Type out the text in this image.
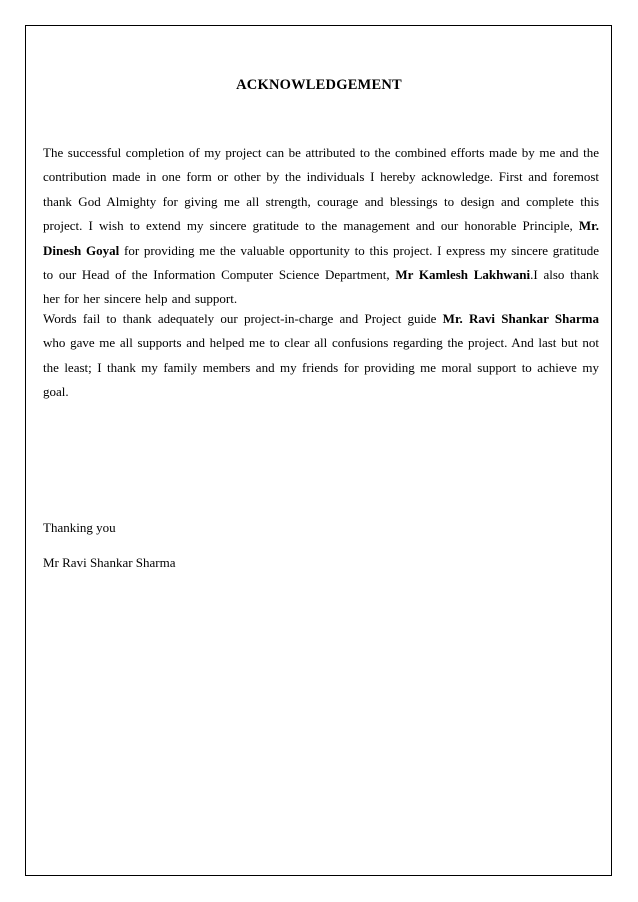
ACKNOWLEDGEMENT

The successful completion of my project can be attributed to the combined efforts made by me and the contribution made in one form or other by the individuals I hereby acknowledge. First and foremost thank God Almighty for giving me all strength, courage and blessings to design and complete this project. I wish to extend my sincere gratitude to the management and our honorable Principle, Mr. Dinesh Goyal for providing me the valuable opportunity to this project. I express my sincere gratitude to our Head of the Information Computer Science Department, Mr Kamlesh Lakhwani.I also thank her for her sincere help and support.

Words fail to thank adequately our project-in-charge and Project guide Mr. Ravi Shankar Sharma who gave me all supports and helped me to clear all confusions regarding the project. And last but not the least; I thank my family members and my friends for providing me moral support to achieve my goal.

Thanking you
Mr Ravi Shankar Sharma
